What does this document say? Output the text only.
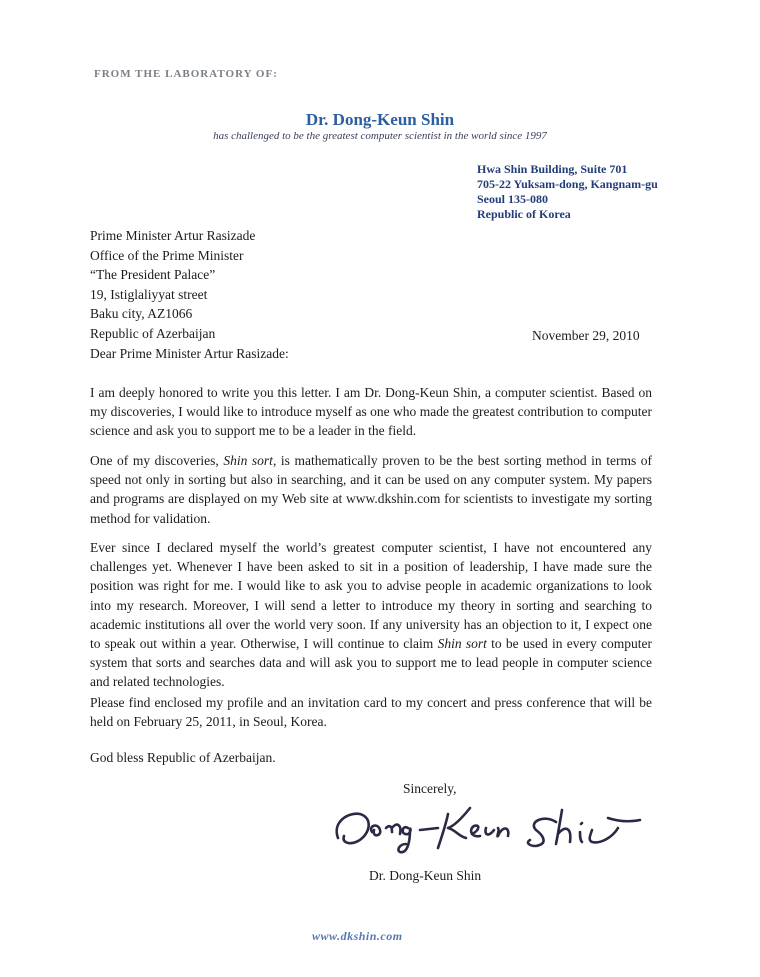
FROM THE LABORATORY OF:
Dr. Dong-Keun Shin
has challenged to be the greatest computer scientist in the world since 1997
Hwa Shin Building, Suite 701
705-22 Yuksam-dong, Kangnam-gu
Seoul 135-080
Republic of Korea
Prime Minister Artur Rasizade
Office of the Prime Minister
“The President Palace”
19, Istiglaliyyat street
Baku city, AZ1066
Republic of Azerbaijan	November 29, 2010
Dear Prime Minister Artur Rasizade:

I am deeply honored to write you this letter. I am Dr. Dong-Keun Shin, a computer scientist. Based on my discoveries, I would like to introduce myself as one who made the greatest contribution to computer science and ask you to support me to be a leader in the field.

One of my discoveries, Shin sort, is mathematically proven to be the best sorting method in terms of speed not only in sorting but also in searching, and it can be used on any computer system. My papers and programs are displayed on my Web site at www.dkshin.com for scientists to investigate my sorting method for validation.

Ever since I declared myself the world’s greatest computer scientist, I have not encountered any challenges yet. Whenever I have been asked to sit in a position of leadership, I have made sure the position was right for me. I would like to ask you to advise people in academic organizations to look into my research. Moreover, I will send a letter to introduce my theory in sorting and searching to academic institutions all over the world very soon. If any university has an objection to it, I expect one to speak out within a year. Otherwise, I will continue to claim Shin sort to be used in every computer system that sorts and searches data and will ask you to support me to lead people in computer science and related technologies.

Please find enclosed my profile and an invitation card to my concert and press conference that will be held on February 25, 2011, in Seoul, Korea.

God bless Republic of Azerbaijan.
Sincerely,
Dr. Dong-Keun Shin
www.dkshin.com
